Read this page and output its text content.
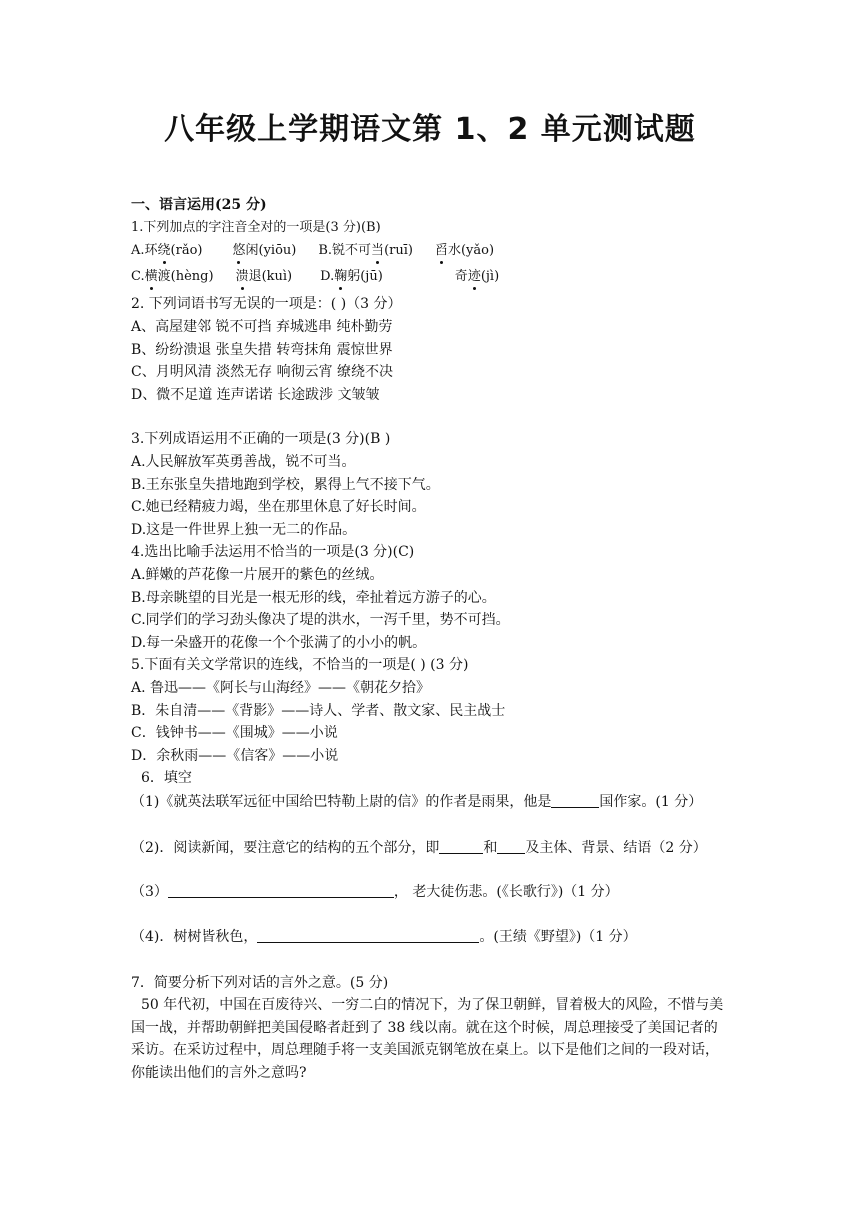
八年级上学期语文第 1、2 单元测试题
一、语言运用(25 分)
1.下列加点的字注音全对的一项是(3 分)(B)
A.环绕(rǎo) 悠闲(yiōu) B.锐不可当(ruī) 舀水(yǎo)
C.横渡(hèng) 溃退(kuì) D.鞠躬(jū)	奇迹(jì)
2. 下列词语书写无误的一项是：( )（3 分）
A、高屋建邻 锐不可挡 弃城逃串 纯朴勤劳
B、纷纷溃退 张皇失措 转弯抹角 震惊世界
C、月明风清 淡然无存 响彻云宵 缭绕不决
D、微不足道 连声诺诺 长途跋涉 文皱皱
3.下列成语运用不正确的一项是(3 分)(B )
A.人民解放军英勇善战，锐不可当。
B.王东张皇失措地跑到学校，累得上气不接下气。
C.她已经精疲力竭，坐在那里休息了好长时间。
D.这是一件世界上独一无二的作品。
4.选出比喻手法运用不恰当的一项是(3 分)(C)
A.鲜嫩的芦花像一片展开的紫色的丝绒。
B.母亲眺望的目光是一根无形的线，牵扯着远方游子的心。
C.同学们的学习劲头像决了堤的洪水，一泻千里，势不可挡。
D.每一朵盛开的花像一个个张满了的小小的帆。
5.下面有关文学常识的连线，不恰当的一项是( ) (3 分)
A. 鲁迅——《阿长与山海经》——《朝花夕拾》
B．朱自清——《背影》——诗人、学者、散文家、民主战士
C．钱钟书——《围城》——小说
D．余秋雨——《信客》——小说
6．填空
（1)《就英法联军远征中国给巴特勒上尉的信》的作者是雨果，他是	国作家。(1 分）
（2)．阅读新闻，要注意它的结构的五个部分，即	和 及主体、背景、结语（2 分）
（3）	， 老大徒伤悲。(《长歌行》)（1 分）
（4)．树树皆秋色，	。(王绩《野望》)（1 分）
7．简要分析下列对话的言外之意。(5 分)
50 年代初，中国在百废待兴、一穷二白的情况下，为了保卫朝鲜，冒着极大的风险，不惜与美国一战，并帮助朝鲜把美国侵略者赶到了 38 线以南。就在这个时候，周总理接受了美国记者的采访。在采访过程中，周总理随手将一支美国派克钢笔放在桌上。以下是他们之间的一段对话，你能读出他们的言外之意吗?
